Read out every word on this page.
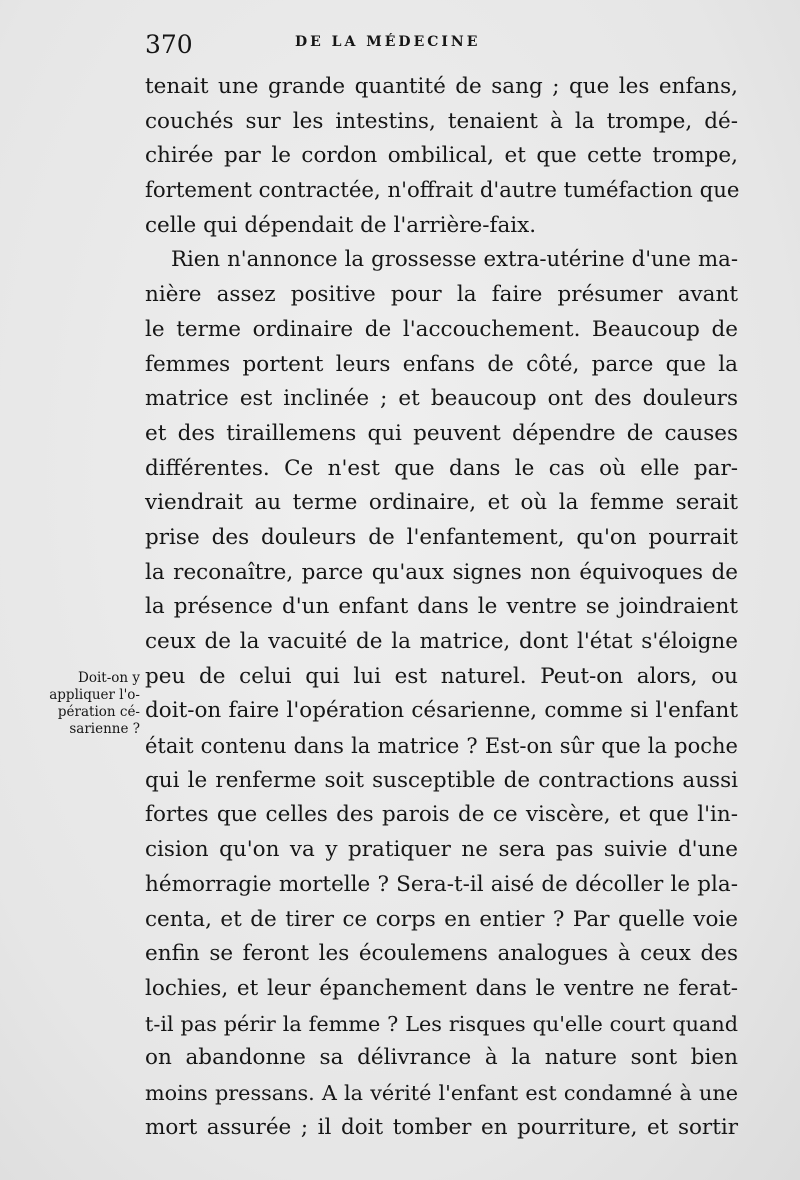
370	DE LA MÉDECINE
Doit-on y
appliquer l'o-
pération cé-
sarienne ?
tenait une grande quantité de sang ; que les enfans,
couchés sur les intestins, tenaient à la trompe, dé-
chirée par le cordon ombilical, et que cette trompe,
fortement contractée, n'offrait d'autre tuméfaction que
celle qui dépendait de l'arrière-faix.
Rien n'annonce la grossesse extra-utérine d'une ma-
nière assez positive pour la faire présumer avant
le terme ordinaire de l'accouchement. Beaucoup de
femmes portent leurs enfans de côté, parce que la
matrice est inclinée ; et beaucoup ont des douleurs
et des tiraillemens qui peuvent dépendre de causes
différentes. Ce n'est que dans le cas où elle par-
viendrait au terme ordinaire, et où la femme serait
prise des douleurs de l'enfantement, qu'on pourrait
la reconaître, parce qu'aux signes non équivoques de
la présence d'un enfant dans le ventre se joindraient
ceux de la vacuité de la matrice, dont l'état s'éloigne
peu de celui qui lui est naturel. Peut-on alors, ou
doit-on faire l'opération césarienne, comme si l'enfant
était contenu dans la matrice ? Est-on sûr que la poche
qui le renferme soit susceptible de contractions aussi
fortes que celles des parois de ce viscère, et que l'in-
cision qu'on va y pratiquer ne sera pas suivie d'une
hémorragie mortelle ? Sera-t-il aisé de décoller le pla-
centa, et de tirer ce corps en entier ? Par quelle voie
enfin se feront les écoulemens analogues à ceux des
lochies, et leur épanchement dans le ventre ne ferat-
t-il pas périr la femme ? Les risques qu'elle court quand
on abandonne sa délivrance à la nature sont bien
moins pressans. A la vérité l'enfant est condamné à une
mort assurée ; il doit tomber en pourriture, et sortir
